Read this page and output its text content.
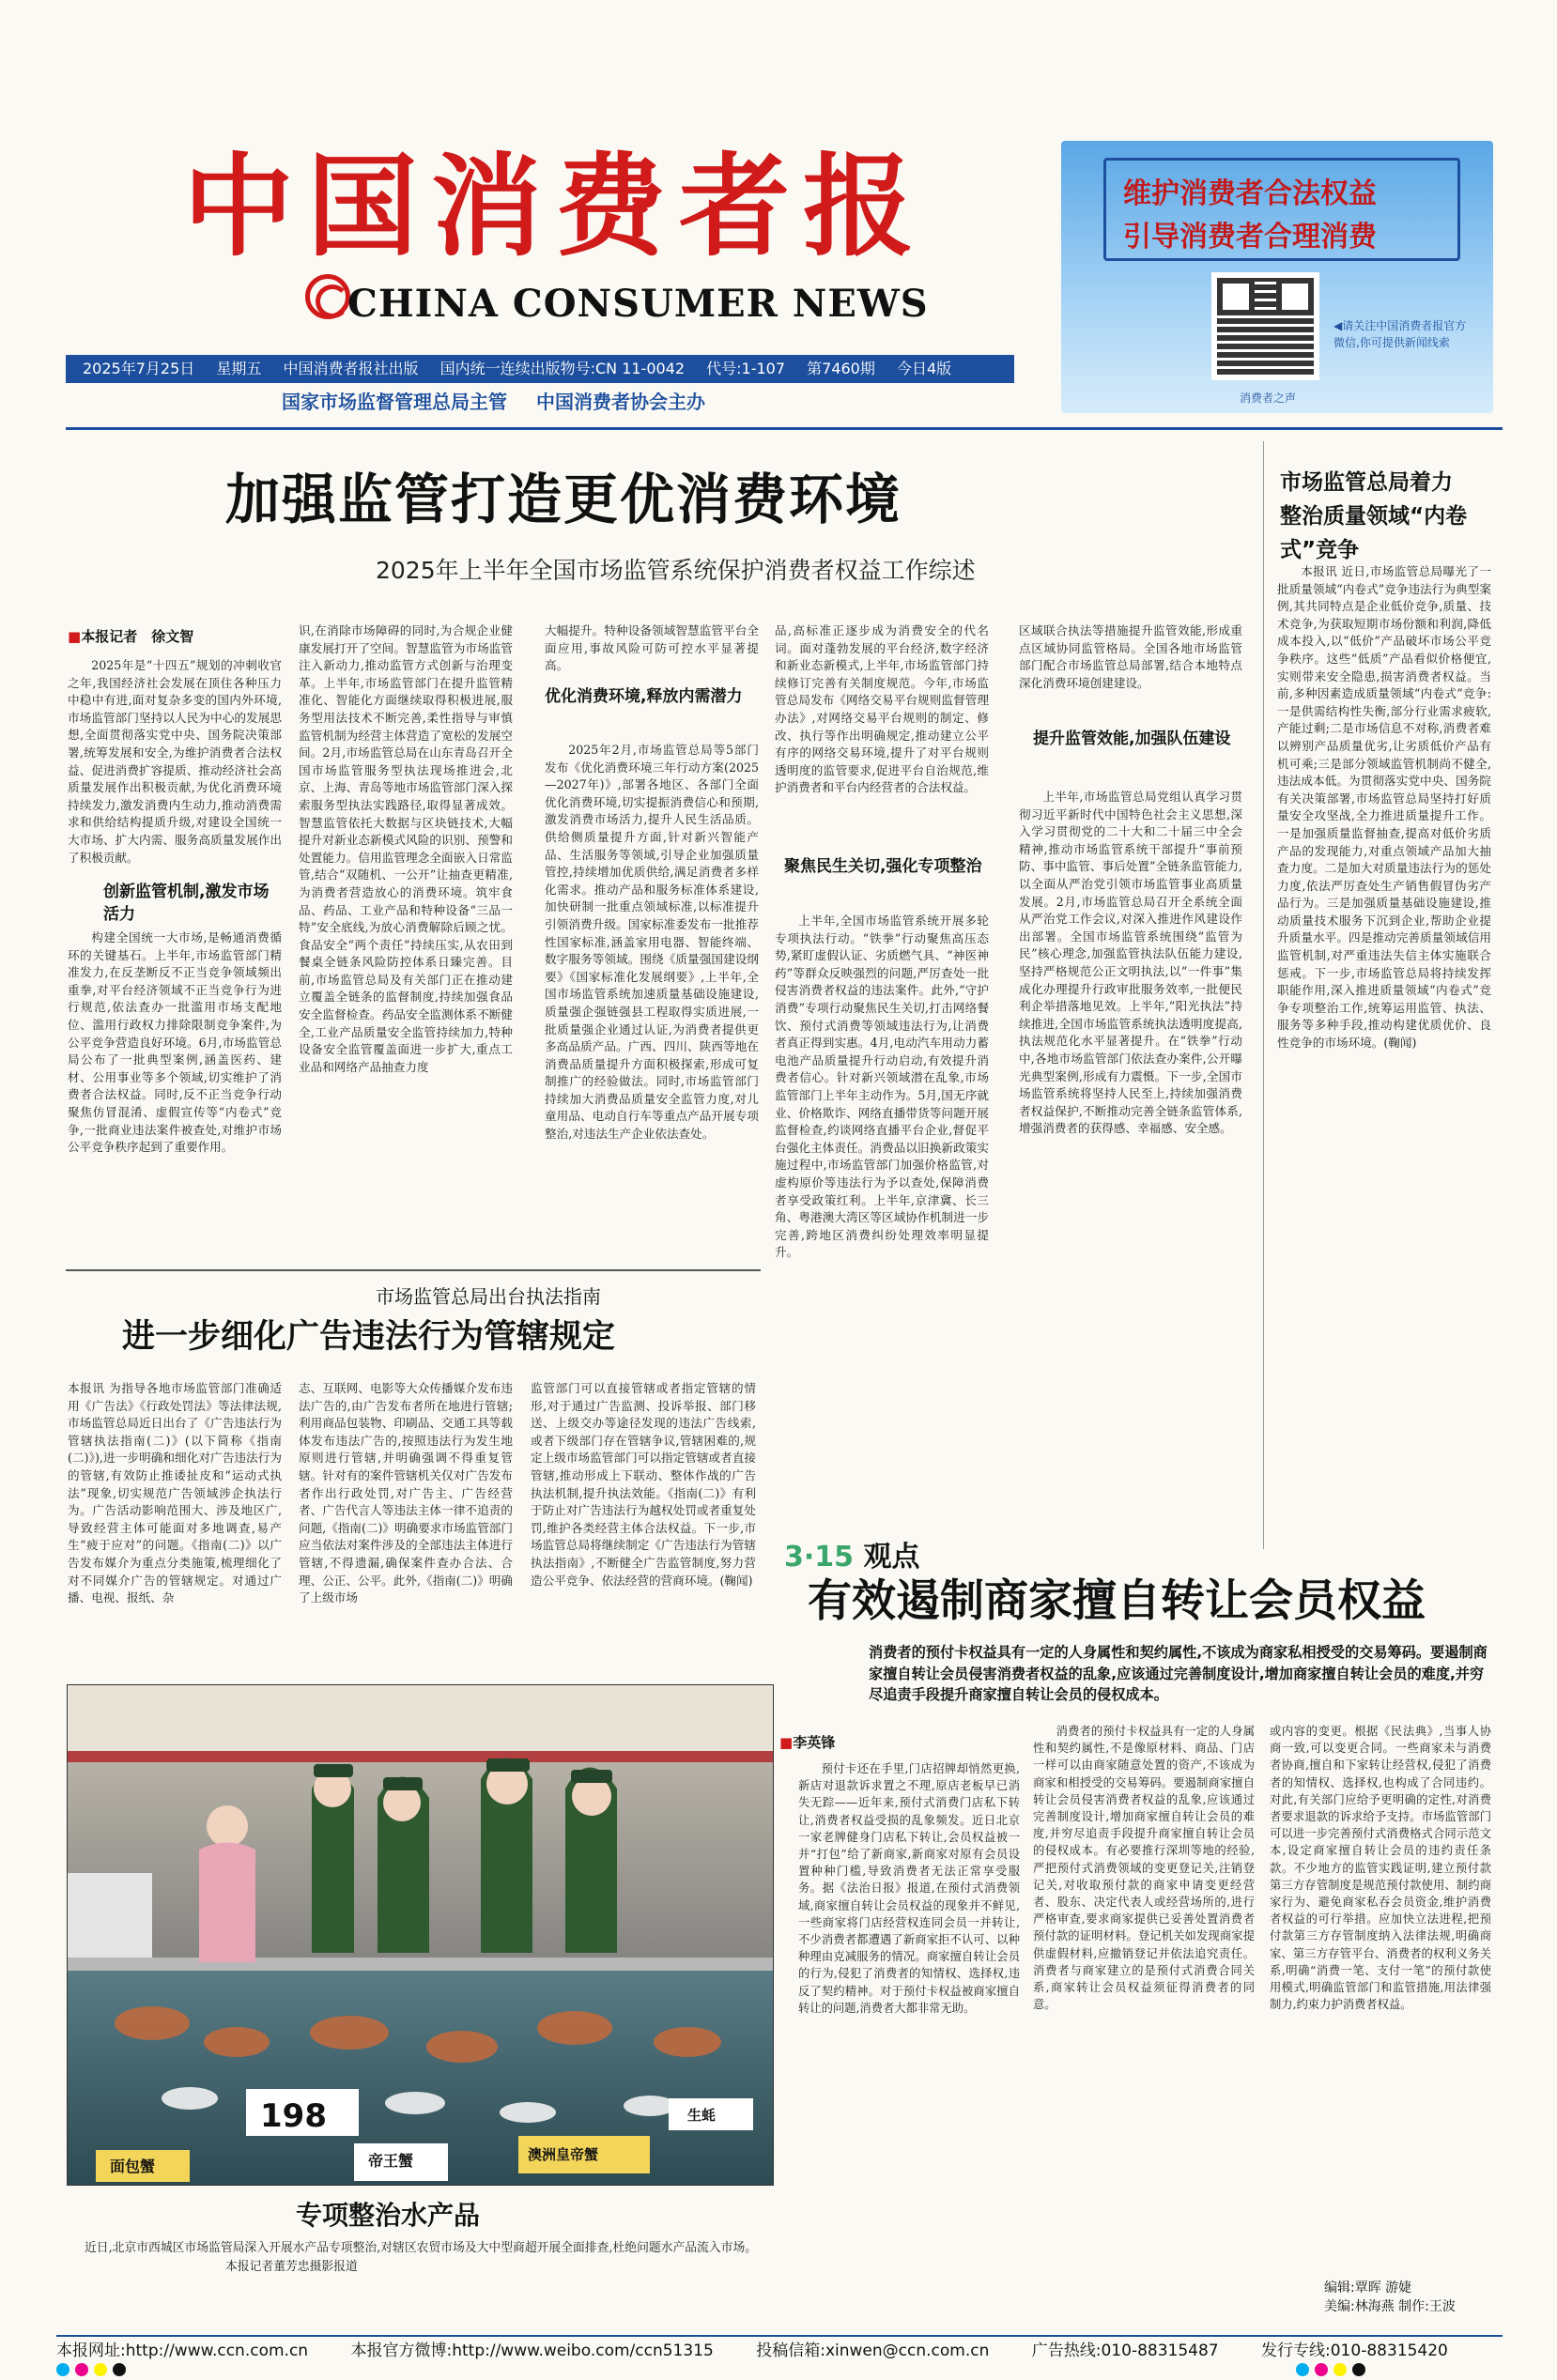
中国消费者报
CHINA CONSUMER NEWS
2025年7月25日 星期五 中国消费者报社出版 国内统一连续出版物号:CN 11-0042 代号:1-107 第7460期 今日4版
国家市场监督管理总局主管 中国消费者协会主办
维护消费者合法权益
引导消费者合理消费
◀请关注中国消费者报官方微信,你可提供新闻线索
消费者之声
加强监管打造更优消费环境
2025年上半年全国市场监管系统保护消费者权益工作综述
■本报记者　 徐文智

2025年是“十四五”规划的冲刺收官之年,我国经济社会发展在顶住各种压力中稳中有进,面对复杂多变的国内外环境,市场监管部门坚持以人民为中心的发展思想,全面贯彻落实党中央、国务院决策部署,统筹发展和安全,为维护消费者合法权益、促进消费扩容提质、推动经济社会高质量发展作出积极贡献,为优化消费环境持续发力,激发消费内生动力,推动消费需求和供给结构提质升级,对建设全国统一大市场、扩大内需、服务高质量发展作出了积极贡献。

创新监管机制,激发市场活力

构建全国统一大市场,是畅通消费循环的关键基石。上半年,市场监管部门精准发力,在反垄断反不正当竞争领域频出重拳,对平台经济领域不正当竞争行为进行规范,依法查办一批滥用市场支配地位、滥用行政权力排除限制竞争案件,为公平竞争营造良好环境。6月,市场监管总局公布了一批典型案例,涵盖医药、建材、公用事业等多个领域,切实维护了消费者合法权益。同时,反不正当竞争行动聚焦仿冒混淆、虚假宣传等“内卷式”竞争,一批商业违法案件被查处,对维护市场公平竞争秩序起到了重要作用。

识,在消除市场障碍的同时,为合规企业健康发展打开了空间。智慧监管为市场监管注入新动力,推动监管方式创新与治理变革。上半年,市场监管部门在提升监管精准化、智能化方面继续取得积极进展,服务型用法技术不断完善,柔性指导与审慎监管机制为经营主体营造了宽松的发展空间。2月,市场监管总局在山东青岛召开全国市场监管服务型执法现场推进会,北京、上海、青岛等地市场监管部门深入探索服务型执法实践路径,取得显著成效。智慧监管依托大数据与区块链技术,大幅提升对新业态新模式风险的识别、预警和处置能力。信用监管理念全面嵌入日常监管,结合“双随机、一公开”让抽查更精准,为消费者营造放心的消费环境。筑牢食品、药品、工业产品和特种设备“三品一特”安全底线,为放心消费解除后顾之忧。食品安全“两个责任”持续压实,从农田到餐桌全链条风险防控体系日臻完善。目前,市场监管总局及有关部门正在推动建立覆盖全链条的监督制度,持续加强食品安全监督检查。药品安全监测体系不断健全,工业产品质量安全监管持续加力,特种设备安全监管覆盖面进一步扩大,重点工业品和网络产品抽查力度

大幅提升。特种设备领域智慧监管平台全面应用,事故风险可防可控水平显著提高。

优化消费环境,释放内需潜力

2025年2月,市场监管总局等5部门发布《优化消费环境三年行动方案(2025—2027年)》,部署各地区、各部门全面优化消费环境,切实提振消费信心和预期,激发消费市场活力,提升人民生活品质。供给侧质量提升方面,针对新兴智能产品、生活服务等领域,引导企业加强质量管控,持续增加优质供给,满足消费者多样化需求。推动产品和服务标准体系建设,加快研制一批重点领域标准,以标准提升引领消费升级。国家标准委发布一批推荐性国家标准,涵盖家用电器、智能终端、数字服务等领域。围绕《质量强国建设纲要》《国家标准化发展纲要》,上半年,全国市场监管系统加速质量基础设施建设,质量强企强链强县工程取得实质进展,一批质量强企业通过认证,为消费者提供更多高品质产品。广西、四川、陕西等地在消费品质量提升方面积极探索,形成可复制推广的经验做法。同时,市场监管部门持续加大消费品质量安全监管力度,对儿童用品、电动自行车等重点产品开展专项整治,对违法生产企业依法查处。

品,高标准正逐步成为消费安全的代名词。面对蓬勃发展的平台经济,数字经济和新业态新模式,上半年,市场监管部门持续修订完善有关制度规范。今年,市场监管总局发布《网络交易平台规则监督管理办法》,对网络交易平台规则的制定、修改、执行等作出明确规定,推动建立公平有序的网络交易环境,提升了对平台规则透明度的监管要求,促进平台自治规范,维护消费者和平台内经营者的合法权益。

聚焦民生关切,强化专项整治

上半年,全国市场监管系统开展多轮专项执法行动。“铁拳”行动聚焦高压态势,紧盯虚假认证、劣质燃气具、“神医神药”等群众反映强烈的问题,严厉查处一批侵害消费者权益的违法案件。此外,“守护消费”专项行动聚焦民生关切,打击网络餐饮、预付式消费等领域违法行为,让消费者真正得到实惠。4月,电动汽车用动力蓄电池产品质量提升行动启动,有效提升消费者信心。针对新兴领域潜在乱象,市场监管部门上半年主动作为。5月,国无序就业、价格欺诈、网络直播带货等问题开展监督检查,约谈网络直播平台企业,督促平台强化主体责任。消费品以旧换新政策实施过程中,市场监管部门加强价格监管,对虚构原价等违法行为予以查处,保障消费者享受政策红利。上半年,京津冀、长三角、粤港澳大湾区等区域协作机制进一步完善,跨地区消费纠纷处理效率明显提升。

区域联合执法等措施提升监管效能,形成重点区域协同监管格局。全国各地市场监管部门配合市场监管总局部署,结合本地特点深化消费环境创建建设。

提升监管效能,加强队伍建设

上半年,市场监管总局党组认真学习贯彻习近平新时代中国特色社会主义思想,深入学习贯彻党的二十大和二十届三中全会精神,推动市场监管系统干部提升“事前预防、事中监管、事后处置”全链条监管能力,以全面从严治党引领市场监管事业高质量发展。2月,市场监管总局召开全系统全面从严治党工作会议,对深入推进作风建设作出部署。全国市场监管系统围绕“监管为民”核心理念,加强监管执法队伍能力建设,坚持严格规范公正文明执法,以“一件事”集成化办理提升行政审批服务效率,一批便民利企举措落地见效。上半年,“阳光执法”持续推进,全国市场监管系统执法透明度提高,执法规范化水平显著提升。在“铁拳”行动中,各地市场监管部门依法查办案件,公开曝光典型案例,形成有力震慑。下一步,全国市场监管系统将坚持人民至上,持续加强消费者权益保护,不断推动完善全链条监管体系,增强消费者的获得感、幸福感、安全感。

市场监管总局着力整治质量领域“内卷式”竞争

本报讯 近日,市场监管总局曝光了一批质量领域“内卷式”竞争违法行为典型案例,其共同特点是企业低价竞争,质量、技术竞争,为获取短期市场份额和利润,降低成本投入,以“低价”产品破坏市场公平竞争秩序。这些“低质”产品看似价格便宜,实则带来安全隐患,损害消费者权益。当前,多种因素造成质量领域“内卷式”竞争:一是供需结构性失衡,部分行业需求疲软,产能过剩;二是市场信息不对称,消费者难以辨别产品质量优劣,让劣质低价产品有机可乘;三是部分领域监管机制尚不健全,违法成本低。为贯彻落实党中央、国务院有关决策部署,市场监管总局坚持打好质量安全攻坚战,全力推进质量提升工作。一是加强质量监督抽查,提高对低价劣质产品的发现能力,对重点领域产品加大抽查力度。二是加大对质量违法行为的惩处力度,依法严厉查处生产销售假冒伪劣产品行为。三是加强质量基础设施建设,推动质量技术服务下沉到企业,帮助企业提升质量水平。四是推动完善质量领域信用监管机制,对严重违法失信主体实施联合惩戒。下一步,市场监管总局将持续发挥职能作用,深入推进质量领域“内卷式”竞争专项整治工作,统筹运用监管、执法、服务等多种手段,推动构建优质优价、良性竞争的市场环境。(鞠闻)

市场监管总局出台执法指南
进一步细化广告违法行为管辖规定

本报讯 为指导各地市场监管部门准确适用《广告法》《行政处罚法》等法律法规,市场监管总局近日出台了《广告违法行为管辖执法指南(二)》(以下简称《指南(二)》),进一步明确和细化对广告违法行为的管辖,有效防止推诿扯皮和“运动式执法”现象,切实规范广告领域涉企执法行为。广告活动影响范围大、涉及地区广,导致经营主体可能面对多地调查,易产生“疲于应对”的问题。《指南(二)》以广告发布媒介为重点分类施策,梳理细化了对不同媒介广告的管辖规定。对通过广播、电视、报纸、杂

志、互联网、电影等大众传播媒介发布违法广告的,由广告发布者所在地进行管辖;利用商品包装物、印刷品、交通工具等载体发布违法广告的,按照违法行为发生地原则进行管辖,并明确强调不得重复管辖。针对有的案件管辖机关仅对广告发布者作出行政处罚,对广告主、广告经营者、广告代言人等违法主体一律不追责的问题,《指南(二)》明确要求市场监管部门应当依法对案件涉及的全部违法主体进行管辖,不得遗漏,确保案件查办合法、合理、公正、公平。此外,《指南(二)》明确了上级市场

监管部门可以直接管辖或者指定管辖的情形,对于通过广告监测、投诉举报、部门移送、上级交办等途径发现的违法广告线索,或者下级部门存在管辖争议,管辖困难的,规定上级市场监管部门可以指定管辖或者直接管辖,推动形成上下联动、整体作战的广告执法机制,提升执法效能。《指南(二)》有利于防止对广告违法行为越权处罚或者重复处罚,维护各类经营主体合法权益。下一步,市场监管总局将继续制定《广告违法行为管辖执法指南》,不断健全广告监管制度,努力营造公平竞争、依法经营的营商环境。(鞠闻)

3·15 观点
有效遏制商家擅自转让会员权益
消费者的预付卡权益具有一定的人身属性和契约属性,不该成为商家私相授受的交易筹码。要遏制商家擅自转让会员侵害消费者权益的乱象,应该通过完善制度设计,增加商家擅自转让会员的难度,并穷尽追责手段提升商家擅自转让会员的侵权成本。
■李英锋

预付卡还在手里,门店招牌却悄然更换,新店对退款诉求置之不理,原店老板早已消失无踪——近年来,预付式消费门店私下转让,消费者权益受损的乱象频发。近日北京一家老牌健身门店私下转让,会员权益被一并“打包”给了新商家,新商家对原有会员设置种种门槛,导致消费者无法正常享受服务。据《法治日报》报道,在预付式消费领域,商家擅自转让会员权益的现象并不鲜见,一些商家将门店经营权连同会员一并转让,不少消费者都遭遇了新商家拒不认可、以种种理由克减服务的情况。商家擅自转让会员的行为,侵犯了消费者的知情权、选择权,违反了契约精神。对于预付卡权益被商家擅自转让的问题,消费者大都非常无助。

消费者的预付卡权益具有一定的人身属性和契约属性,不是像原材料、商品、门店一样可以由商家随意处置的资产,不该成为商家和相授受的交易筹码。要遏制商家擅自转让会员侵害消费者权益的乱象,应该通过完善制度设计,增加商家擅自转让会员的难度,并穷尽追责手段提升商家擅自转让会员的侵权成本。有必要推行深圳等地的经验,严把预付式消费领域的变更登记关,注销登记关,对收取预付款的商家申请变更经营者、股东、决定代表人或经营场所的,进行严格审查,要求商家提供已妥善处置消费者预付款的证明材料。登记机关如发现商家提供虚假材料,应撤销登记并依法追究责任。消费者与商家建立的是预付式消费合同关系,商家转让会员权益须征得消费者的同意。

或内容的变更。根据《民法典》,当事人协商一致,可以变更合同。一些商家未与消费者协商,擅自和下家转让经营权,侵犯了消费者的知情权、选择权,也构成了合同违约。对此,有关部门应给予更明确的定性,对消费者要求退款的诉求给予支持。市场监管部门可以进一步完善预付式消费格式合同示范文本,设定商家擅自转让会员的违约责任条款。不少地方的监管实践证明,建立预付款第三方存管制度是规范预付款使用、制约商家行为、避免商家私吞会员资金,维护消费者权益的可行举措。应加快立法进程,把预付款第三方存管制度纳入法律法规,明确商家、第三方存管平台、消费者的权利义务关系,明确“消费一笔、支付一笔”的预付款使用模式,明确监管部门和监管措施,用法律强制力,约束力护消费者权益。

198
面包蟹	帝王蟹	澳洲皇帝蟹
生蚝
专项整治水产品
近日,北京市西城区市场监管局深入开展水产品专项整治,对辖区农贸市场及大中型商超开展全面排查,杜绝问题水产品流入市场。本报记者董芳忠摄影报道
编辑:覃晖 游婕
美编:林海燕 制作:王波
本报网址:http://www.ccn.com.cn	本报官方微博:http://www.weibo.com/ccn51315	投稿信箱:xinwen@ccn.com.cn	广告热线:010-88315487	发行专线:010-88315420
